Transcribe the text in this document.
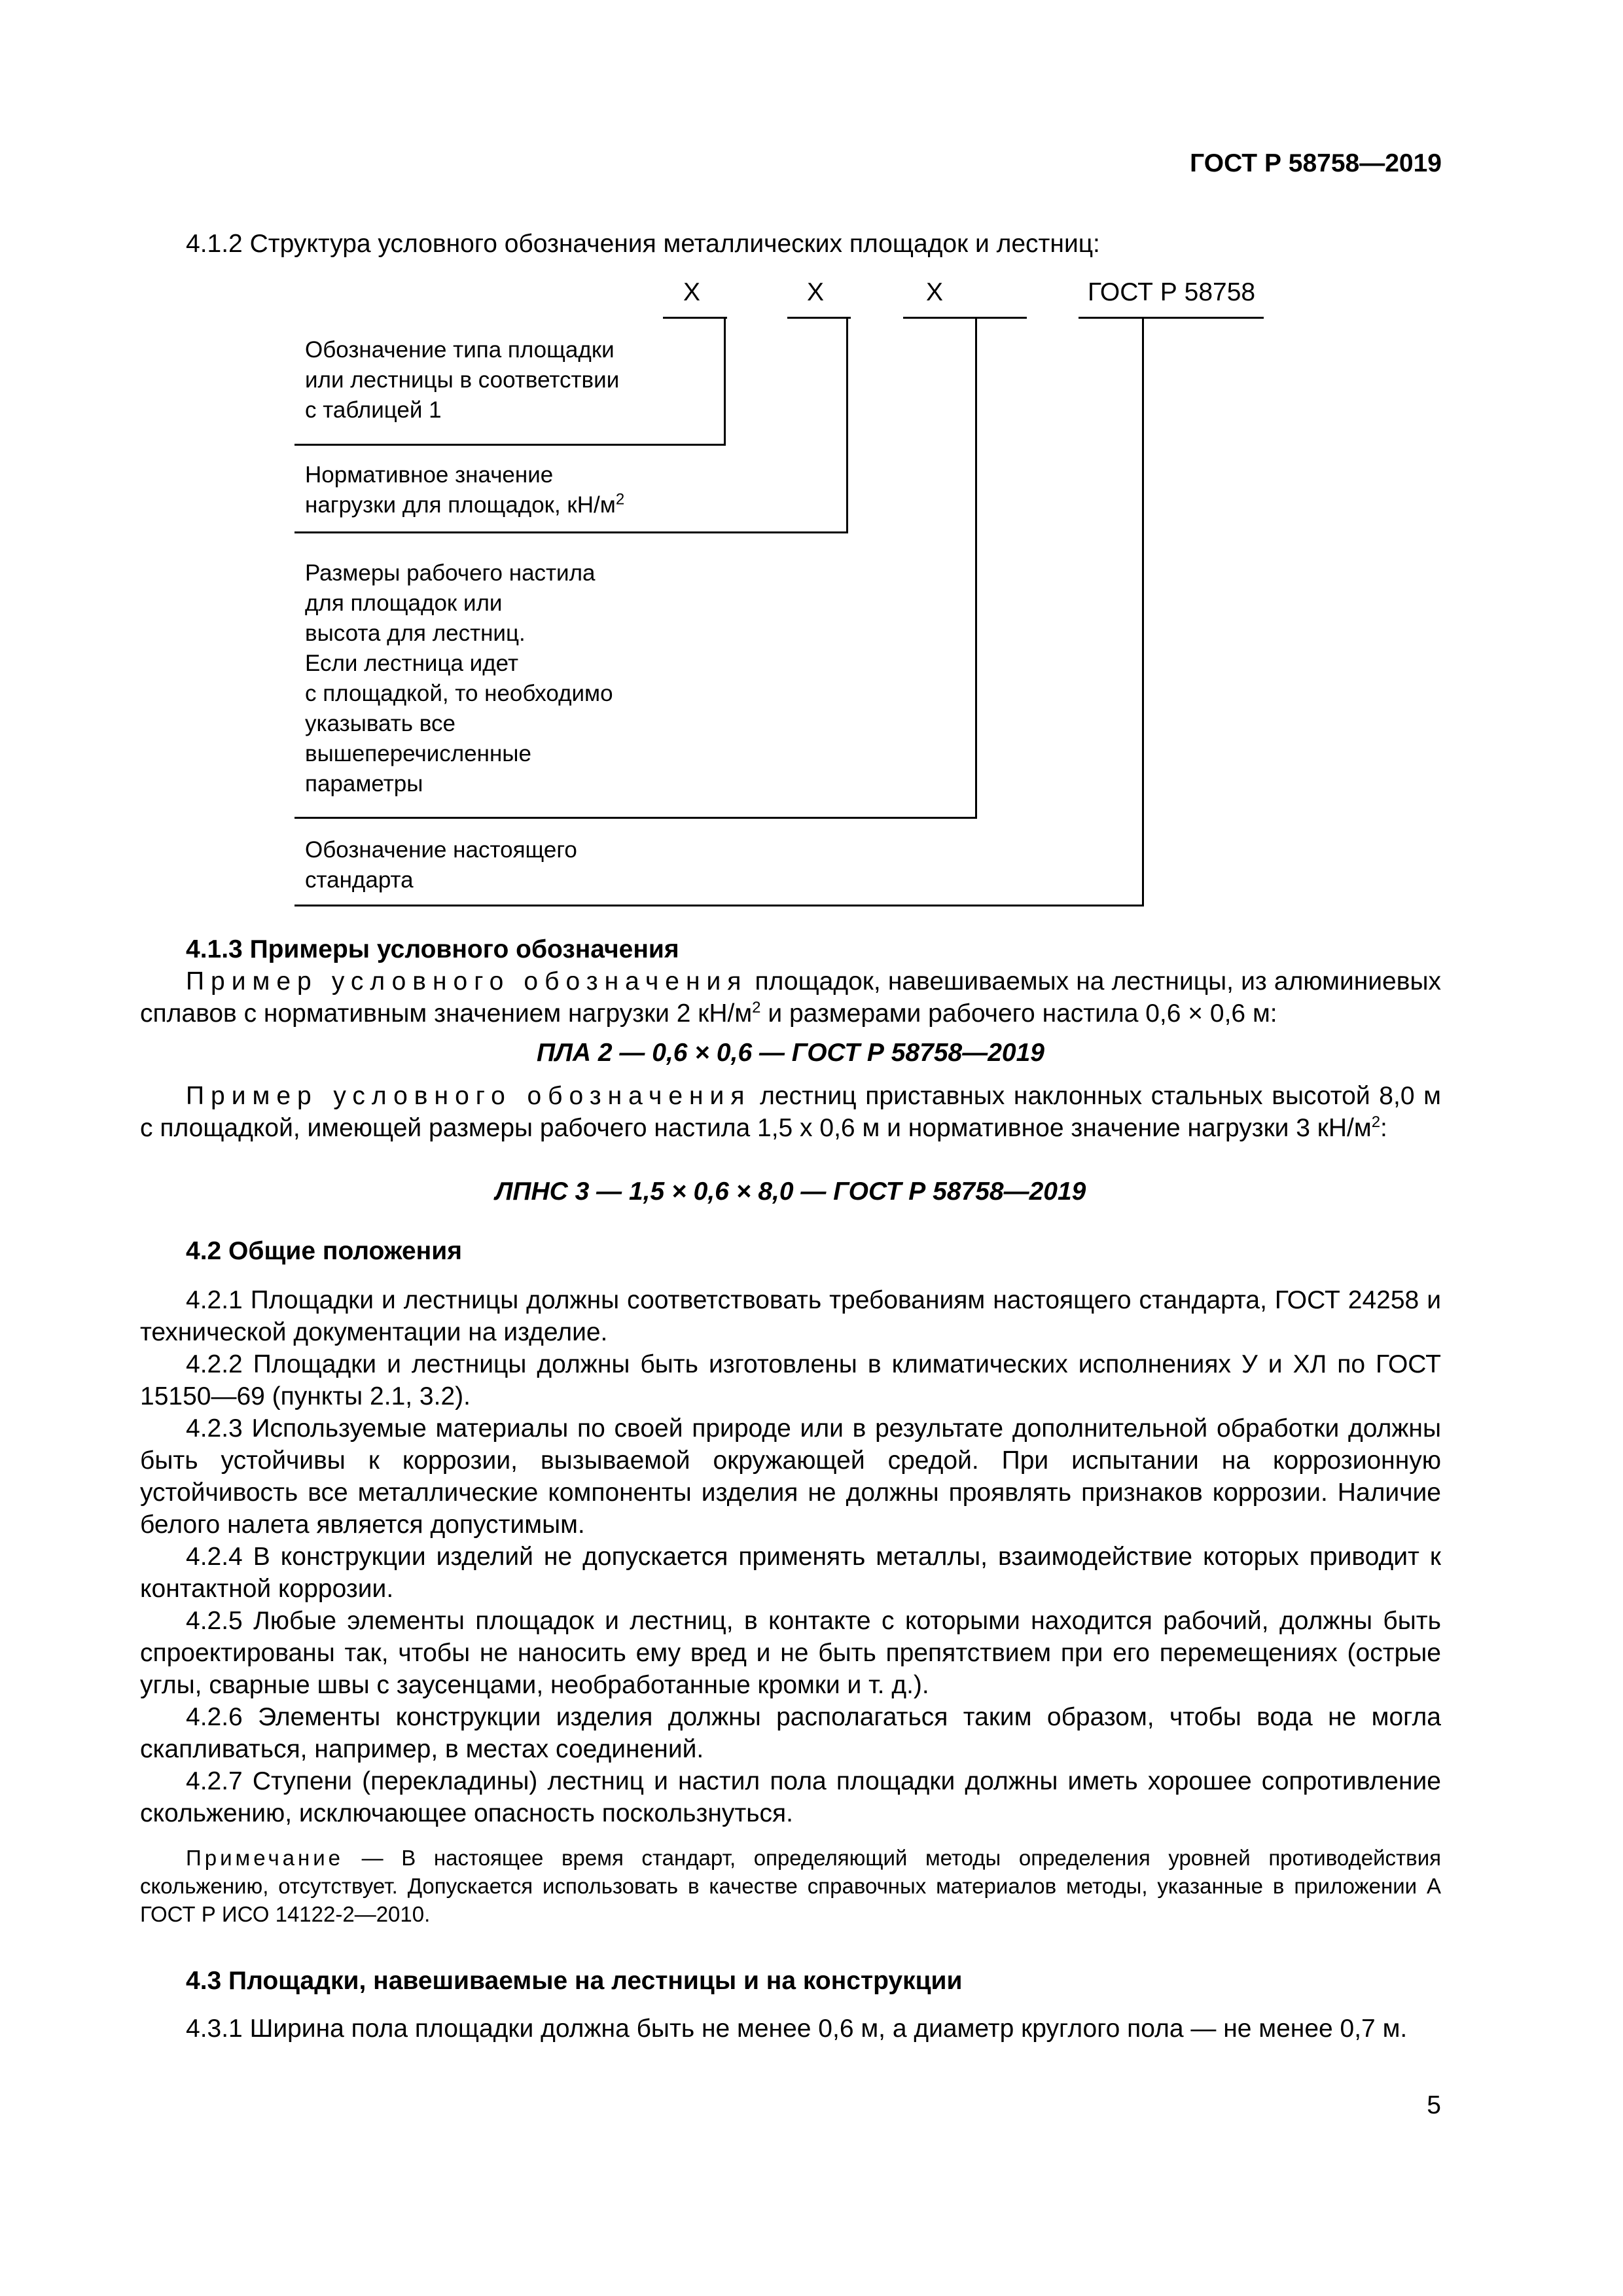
ГОСТ Р 58758—2019
4.1.2 Структура условного обозначения металлических площадок и лестниц:
Х	Х	Х	ГОСТ Р 58758
Обозначение типа площадки
или лестницы в соответствии
с таблицей 1
Нормативное значение
нагрузки для площадок, $кН/м^2$
Размеры рабочего настила
для площадок или
высота для лестниц.
Если лестница идет
с площадкой, то необходимо
указывать все
вышеперечисленные
параметры
Обозначение настоящего
стандарта
4.1.3 Примеры условного обозначения
Пример условного обозначения площадок, навешиваемых на лестницы, из алюминиевых сплавов с нормативным значением нагрузки 2 $кН/м^2$ и размерами рабочего настила 0,6 × 0,6 м:
ПЛА 2 — 0,6 × 0,6 — ГОСТ Р 58758—2019
Пример условного обозначения лестниц приставных наклонных стальных высотой 8,0 м с площадкой, имеющей размеры рабочего настила 1,5 х 0,6 м и нормативное значение нагрузки 3 $кН/м^2$:
ЛПНС 3 — 1,5 × 0,6 × 8,0 — ГОСТ Р 58758—2019
4.2 Общие положения
4.2.1 Площадки и лестницы должны соответствовать требованиям настоящего стандарта, ГОСТ 24258 и технической документации на изделие.
4.2.2 Площадки и лестницы должны быть изготовлены в климатических исполнениях У и ХЛ по ГОСТ 15150—69 (пункты 2.1, 3.2).
4.2.3 Используемые материалы по своей природе или в результате дополнительной обработки должны быть устойчивы к коррозии, вызываемой окружающей средой. При испытании на коррозионную устойчивость все металлические компоненты изделия не должны проявлять признаков коррозии. Наличие белого налета является допустимым.
4.2.4 В конструкции изделий не допускается применять металлы, взаимодействие которых приводит к контактной коррозии.
4.2.5 Любые элементы площадок и лестниц, в контакте с которыми находится рабочий, должны быть спроектированы так, чтобы не наносить ему вред и не быть препятствием при его перемещениях (острые углы, сварные швы с заусенцами, необработанные кромки и т. д.).
4.2.6 Элементы конструкции изделия должны располагаться таким образом, чтобы вода не могла скапливаться, например, в местах соединений.
4.2.7 Ступени (перекладины) лестниц и настил пола площадки должны иметь хорошее сопротивление скольжению, исключающее опасность поскользнуться.
Примечание — В настоящее время стандарт, определяющий методы определения уровней противодействия скольжению, отсутствует. Допускается использовать в качестве справочных материалов методы, указанные в приложении А ГОСТ Р ИСО 14122-2—2010.
4.3 Площадки, навешиваемые на лестницы и на конструкции
4.3.1 Ширина пола площадки должна быть не менее 0,6 м, а диаметр круглого пола — не менее 0,7 м.
5
